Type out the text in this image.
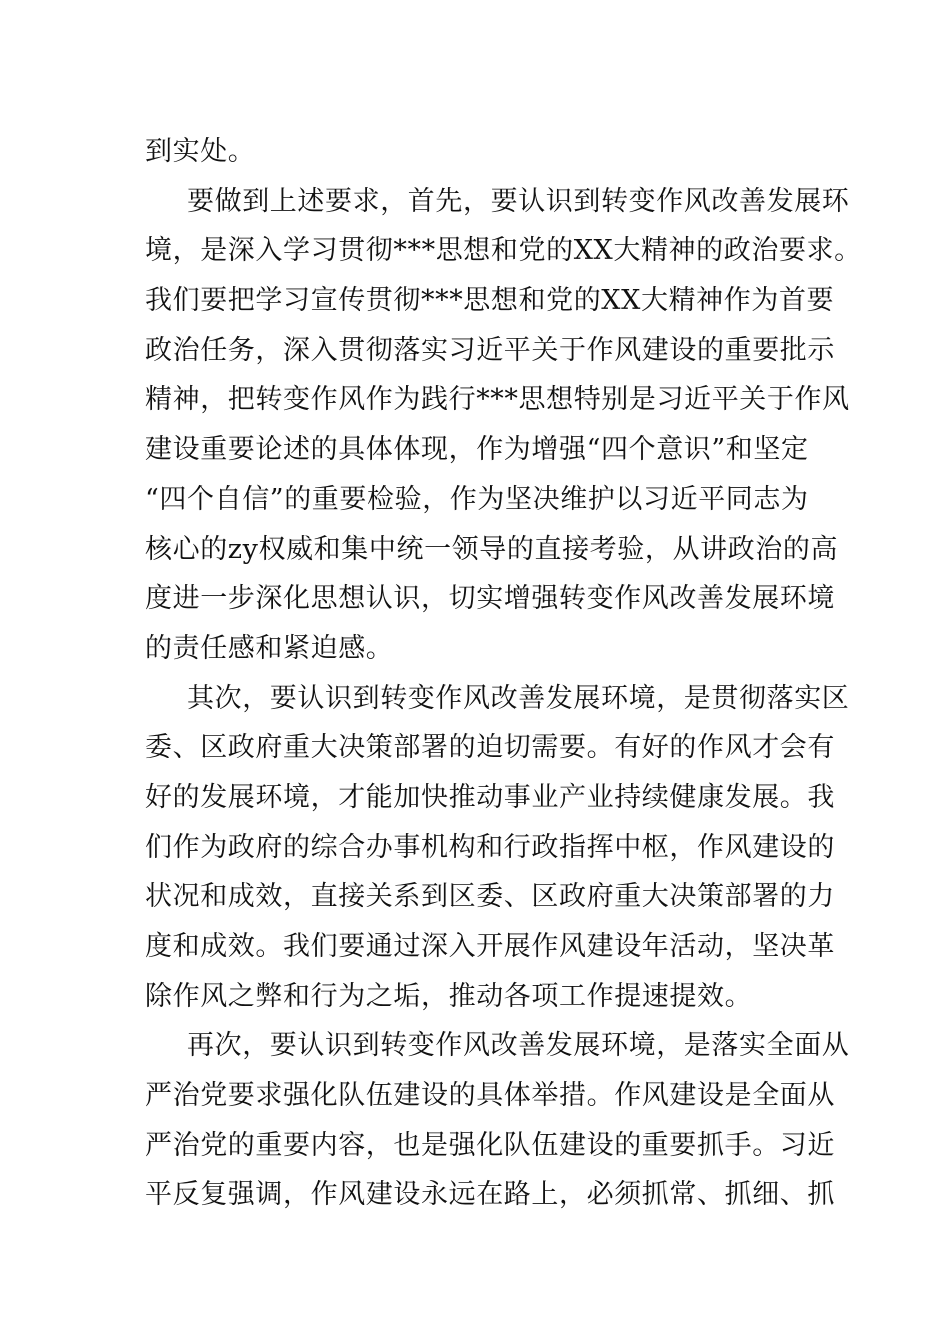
到实处。
要做到上述要求，首先，要认识到转变作风改善发展环
境，是深入学习贯彻***思想和党的XX大精神的政治要求。
我们要把学习宣传贯彻***思想和党的XX大精神作为首要
政治任务，深入贯彻落实习近平关于作风建设的重要批示
精神，把转变作风作为践行***思想特别是习近平关于作风
建设重要论述的具体体现，作为增强“四个意识”和坚定
“四个自信”的重要检验，作为坚决维护以习近平同志为
核心的zy权威和集中统一领导的直接考验，从讲政治的高
度进一步深化思想认识，切实增强转变作风改善发展环境
的责任感和紧迫感。
其次，要认识到转变作风改善发展环境，是贯彻落实区
委、区政府重大决策部署的迫切需要。有好的作风才会有
好的发展环境，才能加快推动事业产业持续健康发展。我
们作为政府的综合办事机构和行政指挥中枢，作风建设的
状况和成效，直接关系到区委、区政府重大决策部署的力
度和成效。我们要通过深入开展作风建设年活动，坚决革
除作风之弊和行为之垢，推动各项工作提速提效。
再次，要认识到转变作风改善发展环境，是落实全面从
严治党要求强化队伍建设的具体举措。作风建设是全面从
严治党的重要内容，也是强化队伍建设的重要抓手。习近
平反复强调，作风建设永远在路上，必须抓常、抓细、抓
